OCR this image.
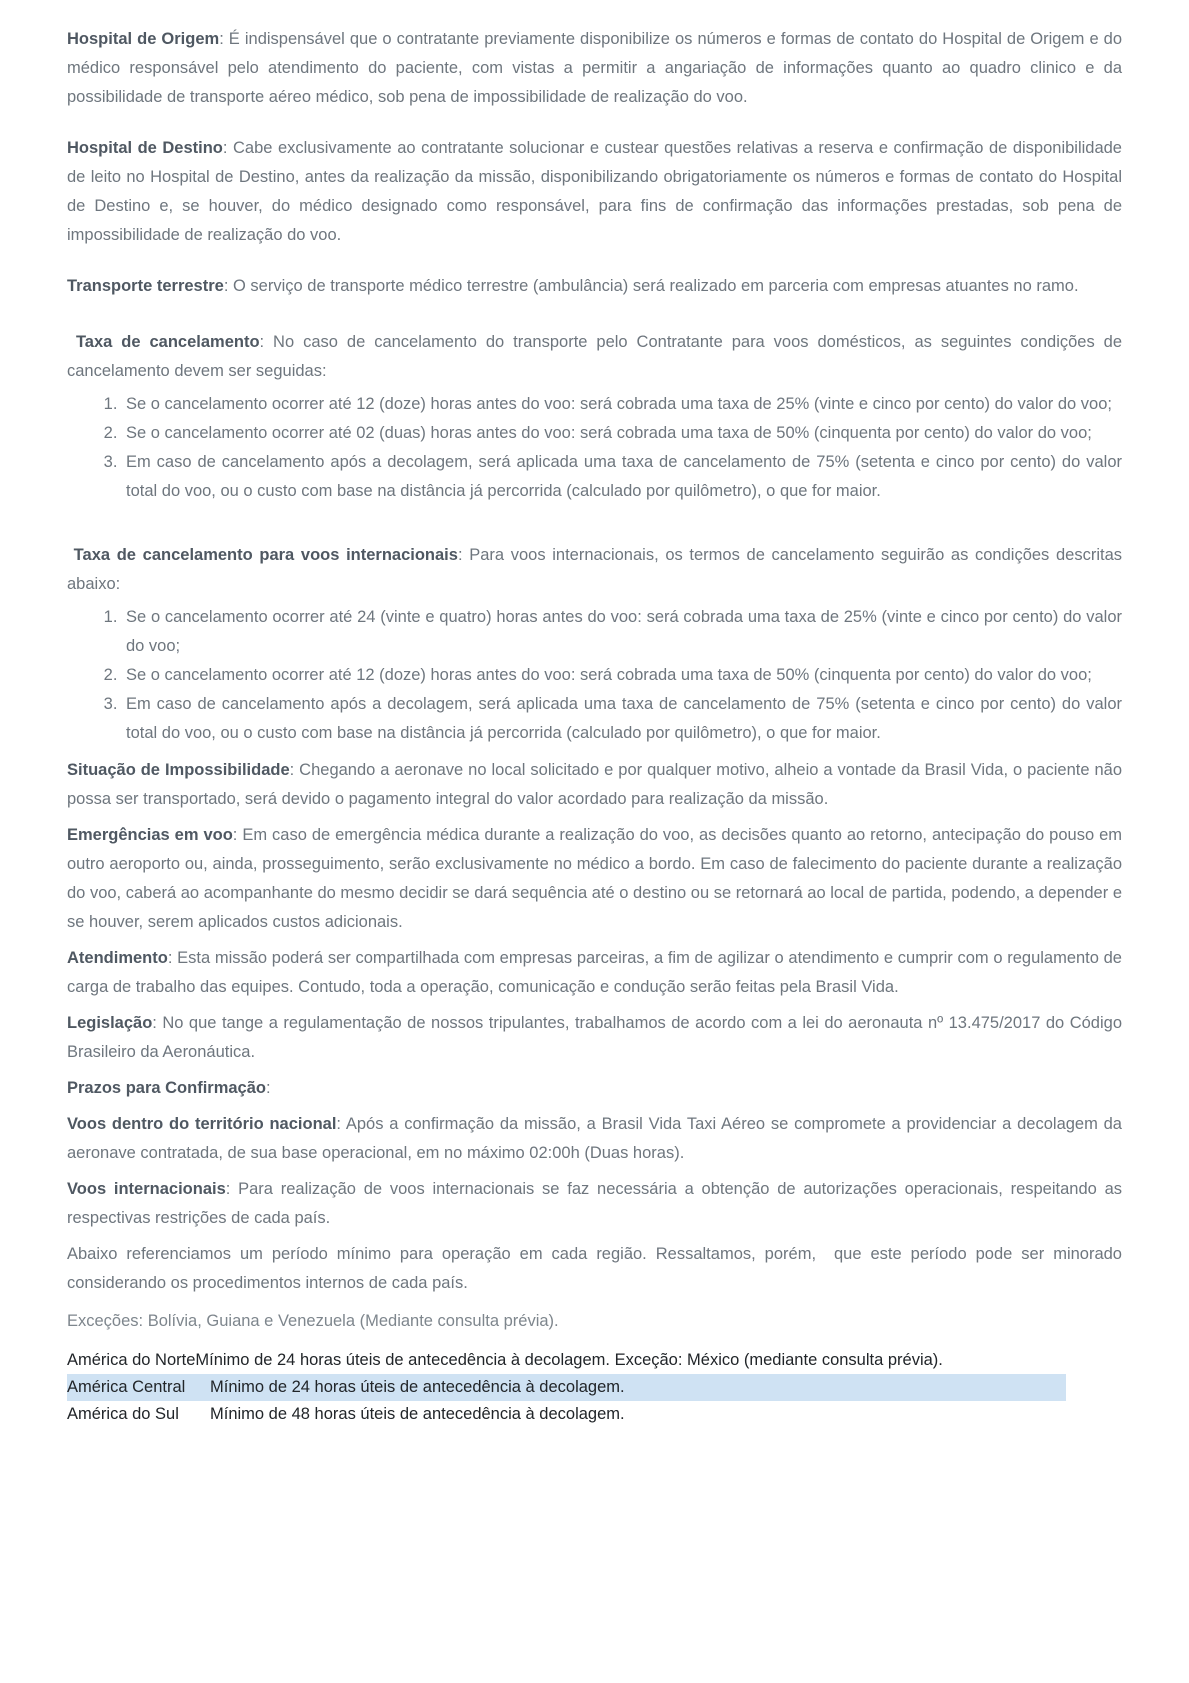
Hospital de Origem: É indispensável que o contratante previamente disponibilize os números e formas de contato do Hospital de Origem e do médico responsável pelo atendimento do paciente, com vistas a permitir a angariação de informações quanto ao quadro clinico e da possibilidade de transporte aéreo médico, sob pena de impossibilidade de realização do voo.

Hospital de Destino: Cabe exclusivamente ao contratante solucionar e custear questões relativas a reserva e confirmação de disponibilidade de leito no Hospital de Destino, antes da realização da missão, disponibilizando obrigatoriamente os números e formas de contato do Hospital de Destino e, se houver, do médico designado como responsável, para fins de confirmação das informações prestadas, sob pena de impossibilidade de realização do voo.

Transporte terrestre: O serviço de transporte médico terrestre (ambulância) será realizado em parceria com empresas atuantes no ramo.

Taxa de cancelamento: No caso de cancelamento do transporte pelo Contratante para voos domésticos, as seguintes condições de cancelamento devem ser seguidas:

1. Se o cancelamento ocorrer até 12 (doze) horas antes do voo: será cobrada uma taxa de 25% (vinte e cinco por cento) do valor do voo;
2. Se o cancelamento ocorrer até 02 (duas) horas antes do voo: será cobrada uma taxa de 50% (cinquenta por cento) do valor do voo;
3. Em caso de cancelamento após a decolagem, será aplicada uma taxa de cancelamento de 75% (setenta e cinco por cento) do valor total do voo, ou o custo com base na distância já percorrida (calculado por quilômetro), o que for maior.

Taxa de cancelamento para voos internacionais: Para voos internacionais, os termos de cancelamento seguirão as condições descritas abaixo:

1. Se o cancelamento ocorrer até 24 (vinte e quatro) horas antes do voo: será cobrada uma taxa de 25% (vinte e cinco por cento) do valor do voo;
2. Se o cancelamento ocorrer até 12 (doze) horas antes do voo: será cobrada uma taxa de 50% (cinquenta por cento) do valor do voo;
3. Em caso de cancelamento após a decolagem, será aplicada uma taxa de cancelamento de 75% (setenta e cinco por cento) do valor total do voo, ou o custo com base na distância já percorrida (calculado por quilômetro), o que for maior.

Situação de Impossibilidade: Chegando a aeronave no local solicitado e por qualquer motivo, alheio a vontade da Brasil Vida, o paciente não possa ser transportado, será devido o pagamento integral do valor acordado para realização da missão.

Emergências em voo: Em caso de emergência médica durante a realização do voo, as decisões quanto ao retorno, antecipação do pouso em outro aeroporto ou, ainda, prosseguimento, serão exclusivamente no médico a bordo. Em caso de falecimento do paciente durante a realização do voo, caberá ao acompanhante do mesmo decidir se dará sequência até o destino ou se retornará ao local de partida, podendo, a depender e se houver, serem aplicados custos adicionais.

Atendimento: Esta missão poderá ser compartilhada com empresas parceiras, a fim de agilizar o atendimento e cumprir com o regulamento de carga de trabalho das equipes. Contudo, toda a operação, comunicação e condução serão feitas pela Brasil Vida.

Legislação: No que tange a regulamentação de nossos tripulantes, trabalhamos de acordo com a lei do aeronauta nº 13.475/2017 do Código Brasileiro da Aeronáutica.

Prazos para Confirmação:

Voos dentro do território nacional: Após a confirmação da missão, a Brasil Vida Taxi Aéreo se compromete a providenciar a decolagem da aeronave contratada, de sua base operacional, em no máximo 02:00h (Duas horas).

Voos internacionais: Para realização de voos internacionais se faz necessária a obtenção de autorizações operacionais, respeitando as respectivas restrições de cada país.

Abaixo referenciamos um período mínimo para operação em cada região. Ressaltamos, porém,  que este período pode ser minorado considerando os procedimentos internos de cada país.

Exceções: Bolívia, Guiana e Venezuela (Mediante consulta prévia).

América do NorteMínimo de 24 horas úteis de antecedência à decolagem. Exceção: México (mediante consulta prévia).
América Central Mínimo de 24 horas úteis de antecedência à decolagem.
América do Sul Mínimo de 48 horas úteis de antecedência à decolagem.
